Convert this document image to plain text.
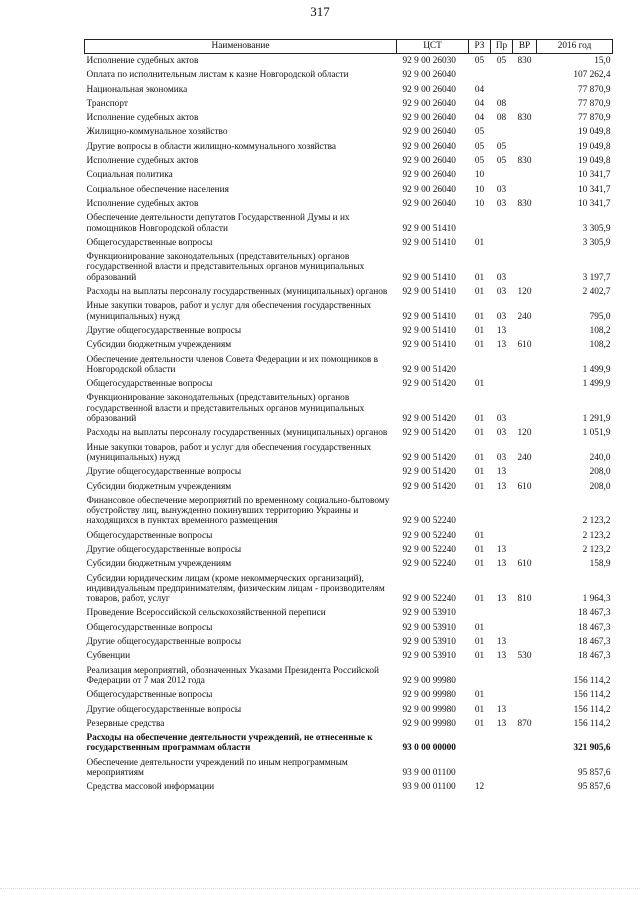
317
Наименование	ЦСТ	РЗ	Пр	ВР	2016 год
Исполнение судебных актов	92 9 00 26030	05	05	830	15,0
Оплата по исполнительным листам к казне Новгородской области	92 9 00 26040				107 262,4
Национальная экономика	92 9 00 26040	04			77 870,9
Транспорт	92 9 00 26040	04	08		77 870,9
Исполнение судебных актов	92 9 00 26040	04	08	830	77 870,9
Жилищно-коммунальное хозяйство	92 9 00 26040	05			19 049,8
Другие вопросы в области жилищно-коммунального хозяйства	92 9 00 26040	05	05		19 049,8
Исполнение судебных актов	92 9 00 26040	05	05	830	19 049,8
Социальная политика	92 9 00 26040	10			10 341,7
Социальное обеспечение населения	92 9 00 26040	10	03		10 341,7
Исполнение судебных актов	92 9 00 26040	10	03	830	10 341,7
Обеспечение деятельности депутатов Государственной Думы и их помощников Новгородской области	92 9 00 51410				3 305,9
Общегосударственные вопросы	92 9 00 51410	01			3 305,9
Функционирование законодательных (представительных) органов государственной власти и представительных органов муниципальных образований	92 9 00 51410	01	03		3 197,7
Расходы на выплаты персоналу государственных (муниципальных) органов	92 9 00 51410	01	03	120	2 402,7
Иные закупки товаров, работ и услуг для обеспечения государственных (муниципальных) нужд	92 9 00 51410	01	03	240	795,0
Другие общегосударственные вопросы	92 9 00 51410	01	13		108,2
Субсидии бюджетным учреждениям	92 9 00 51410	01	13	610	108,2
Обеспечение деятельности членов Совета Федерации и их помощников в Новгородской области	92 9 00 51420				1 499,9
Общегосударственные вопросы	92 9 00 51420	01			1 499,9
Функционирование законодательных (представительных) органов государственной власти и представительных органов муниципальных образований	92 9 00 51420	01	03		1 291,9
Расходы на выплаты персоналу государственных (муниципальных) органов	92 9 00 51420	01	03	120	1 051,9
Иные закупки товаров, работ и услуг для обеспечения государственных (муниципальных) нужд	92 9 00 51420	01	03	240	240,0
Другие общегосударственные вопросы	92 9 00 51420	01	13		208,0
Субсидии бюджетным учреждениям	92 9 00 51420	01	13	610	208,0
Финансовое обеспечение мероприятий по временному социально-бытовому обустройству лиц, вынужденно покинувших территорию Украины и находящихся в пунктах временного размещения	92 9 00 52240				2 123,2
Общегосударственные вопросы	92 9 00 52240	01			2 123,2
Другие общегосударственные вопросы	92 9 00 52240	01	13		2 123,2
Субсидии бюджетным учреждениям	92 9 00 52240	01	13	610	158,9
Субсидии юридическим лицам (кроме некоммерческих организаций), индивидуальным предпринимателям, физическим лицам - производителям товаров, работ, услуг	92 9 00 52240	01	13	810	1 964,3
Проведение Всероссийской сельскохозяйственной переписи	92 9 00 53910				18 467,3
Общегосударственные вопросы	92 9 00 53910	01			18 467,3
Другие общегосударственные вопросы	92 9 00 53910	01	13		18 467,3
Субвенции	92 9 00 53910	01	13	530	18 467,3
Реализация мероприятий, обозначенных Указами Президента Российской Федерации от 7 мая 2012 года	92 9 00 99980				156 114,2
Общегосударственные вопросы	92 9 00 99980	01			156 114,2
Другие общегосударственные вопросы	92 9 00 99980	01	13		156 114,2
Резервные средства	92 9 00 99980	01	13	870	156 114,2
Расходы на обеспечение деятельности учреждений, не отнесенные к государственным программам области	93 0 00 00000				321 905,6
Обеспечение деятельности учреждений по иным непрограммным мероприятиям	93 9 00 01100				95 857,6
Средства массовой информации	93 9 00 01100	12			95 857,6
